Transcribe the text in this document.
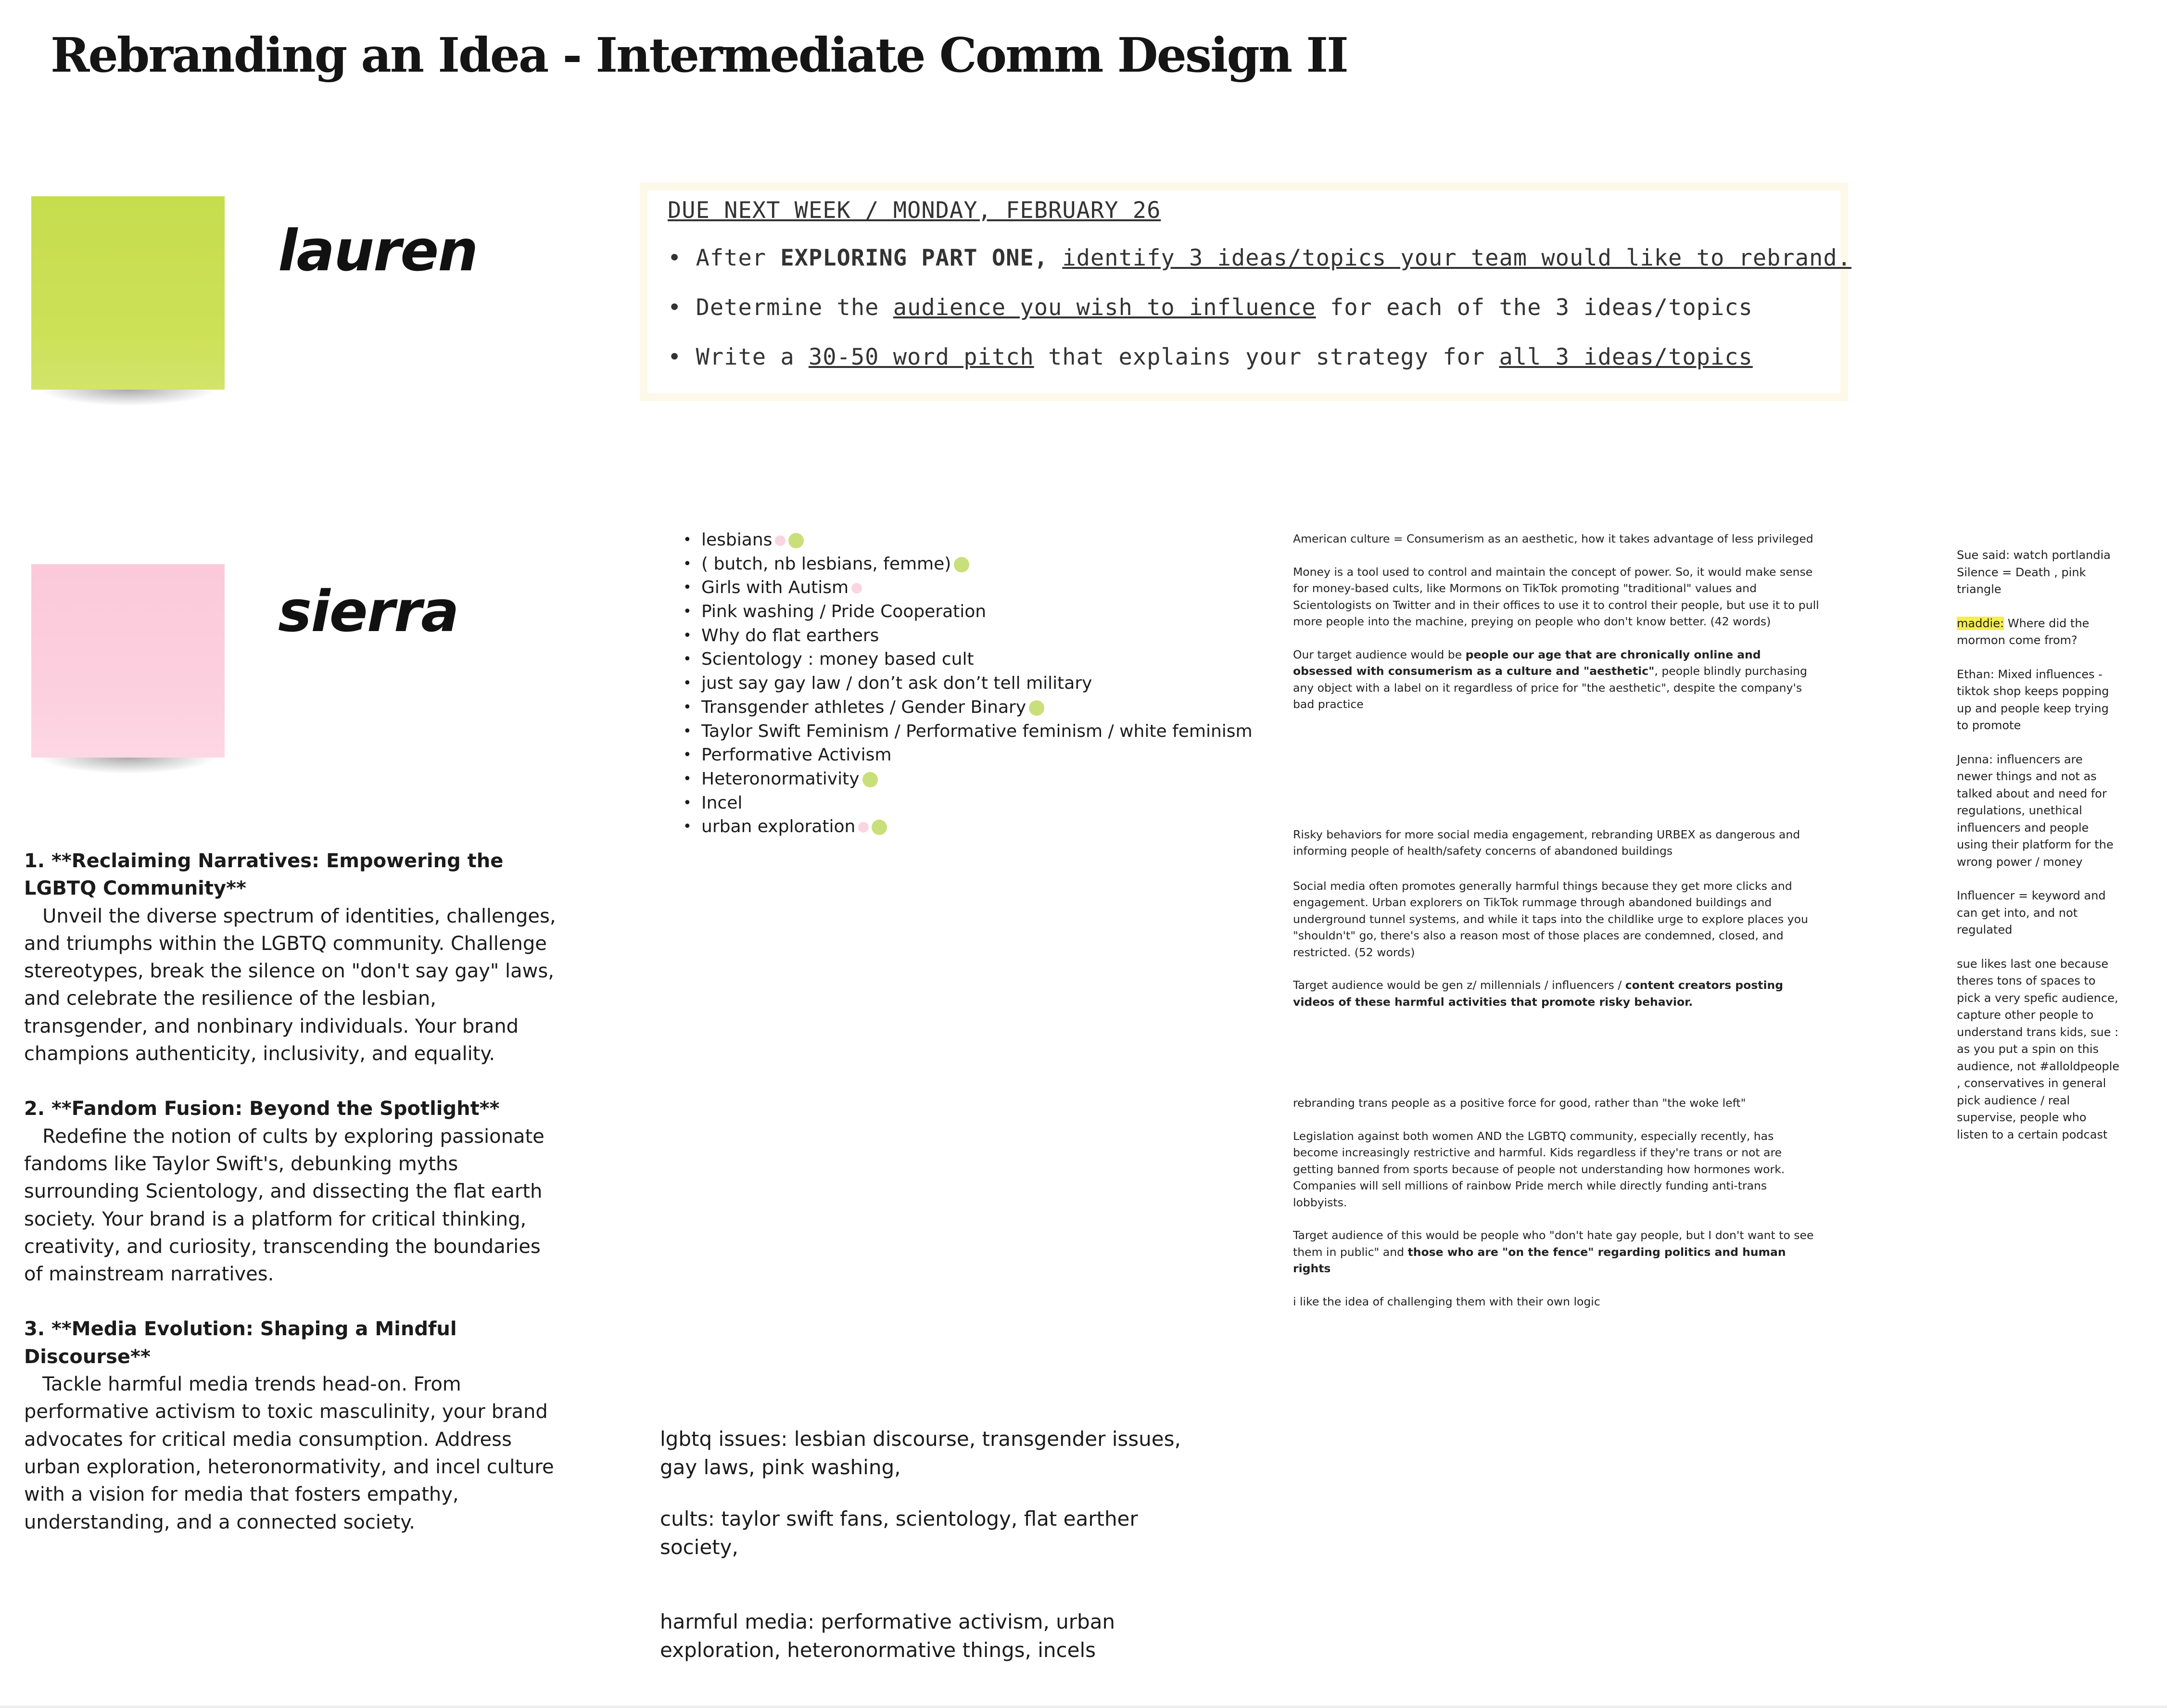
Rebranding an Idea - Intermediate Comm Design II
lauren
sierra

DUE NEXT WEEK / MONDAY, FEBRUARY 26

• After EXPLORING PART ONE, identify 3 ideas/topics your team would like to rebrand.

• Determine the audience you wish to influence for each of the 3 ideas/topics

• Write a 30-50 word pitch that explains your strategy for all 3 ideas/topics

• lesbians
• ( butch, nb lesbians, femme)
• Girls with Autism
• Pink washing / Pride Cooperation
• Why do flat earthers
• Scientology : money based cult
• just say gay law / don’t ask don’t tell military
• Transgender athletes / Gender Binary
• Taylor Swift Feminism / Performative feminism / white feminism
• Performative Activism
• Heteronormativity
• Incel
• urban exploration

1. **Reclaiming Narratives: Empowering the LGBTQ Community**
Unveil the diverse spectrum of identities, challenges, and triumphs within the LGBTQ community. Challenge stereotypes, break the silence on "don't say gay" laws, and celebrate the resilience of the lesbian, transgender, and nonbinary individuals. Your brand champions authenticity, inclusivity, and equality.

2. **Fandom Fusion: Beyond the Spotlight**
Redefine the notion of cults by exploring passionate fandoms like Taylor Swift's, debunking myths surrounding Scientology, and dissecting the flat earth society. Your brand is a platform for critical thinking, creativity, and curiosity, transcending the boundaries of mainstream narratives.

3. **Media Evolution: Shaping a Mindful Discourse**
Tackle harmful media trends head-on. From performative activism to toxic masculinity, your brand advocates for critical media consumption. Address urban exploration, heteronormativity, and incel culture with a vision for media that fosters empathy, understanding, and a connected society.

lgbtq issues: lesbian discourse, transgender issues, gay laws, pink washing,

cults: taylor swift fans, scientology, flat earther society,

harmful media: performative activism, urban exploration, heteronormative things, incels

American culture = Consumerism as an aesthetic, how it takes advantage of less privileged

Money is a tool used to control and maintain the concept of power. So, it would make sense for money-based cults, like Mormons on TikTok promoting "traditional" values and Scientologists on Twitter and in their offices to use it to control their people, but use it to pull more people into the machine, preying on people who don't know better. (42 words)

Our target audience would be people our age that are chronically online and obsessed with consumerism as a culture and "aesthetic", people blindly purchasing any object with a label on it regardless of price for "the aesthetic", despite the company's bad practice

Risky behaviors for more social media engagement, rebranding URBEX as dangerous and informing people of health/safety concerns of abandoned buildings

Social media often promotes generally harmful things because they get more clicks and engagement. Urban explorers on TikTok rummage through abandoned buildings and underground tunnel systems, and while it taps into the childlike urge to explore places you "shouldn't" go, there's also a reason most of those places are condemned, closed, and restricted. (52 words)

Target audience would be gen z/ millennials / influencers / content creators posting videos of these harmful activities that promote risky behavior.

rebranding trans people as a positive force for good, rather than "the woke left"

Legislation against both women AND the LGBTQ community, especially recently, has become increasingly restrictive and harmful. Kids regardless if they're trans or not are getting banned from sports because of people not understanding how hormones work. Companies will sell millions of rainbow Pride merch while directly funding anti-trans lobbyists.

Target audience of this would be people who "don't hate gay people, but I don't want to see them in public" and those who are "on the fence" regarding politics and human rights

i like the idea of challenging them with their own logic

Sue said: watch portlandia Silence = Death , pink triangle

maddie: Where did the mormon come from?

Ethan: Mixed influences - tiktok shop keeps popping up and people keep trying to promote

Jenna: influencers are newer things and not as talked about and need for regulations, unethical influencers and people using their platform for the wrong power / money

Influencer = keyword and can get into, and not regulated

sue likes last one because theres tons of spaces to pick a very spefic audience, capture other people to understand trans kids, sue : as you put a spin on this audience, not #alloldpeople , conservatives in general pick audience / real supervise, people who listen to a certain podcast
